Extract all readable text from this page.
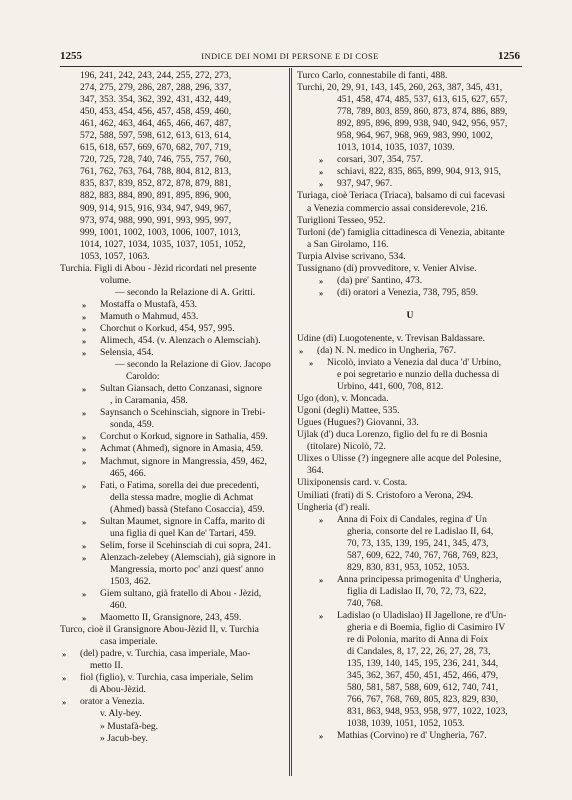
1255	INDICE DEI NOMI DI PERSONE E DI COSE	1256
196, 241, 242, 243, 244, 255, 272, 273,
274, 275, 279, 286, 287, 288, 296, 337,
347, 353. 354, 362, 392, 431, 432, 449,
450, 453, 454, 456, 457, 458, 459, 460,
461, 462, 463, 464, 465, 466, 467, 487,
572, 588, 597, 598, 612, 613, 613, 614,
615, 618, 657, 669, 670, 682, 707, 719,
720, 725, 728, 740, 746, 755, 757, 760,
761, 762, 763, 764, 788, 804, 812, 813,
835, 837, 839, 852, 872, 878, 879, 881,
882, 883, 884, 890, 891, 895, 896, 900,
909, 914, 915, 916, 934, 947, 949, 967,
973, 974, 988, 990, 991, 993, 995, 997,
999, 1001, 1002, 1003, 1006, 1007, 1013,
1014, 1027, 1034, 1035, 1037, 1051, 1052,
1053, 1057, 1063.
Turchia. Figli di Abou - Jèzid ricordati nel presente
volume.
— secondo la Relazione di A. Gritti.
» Mostaffa o Mustafà, 453.
» Mamuth o Mahmud, 453.
» Chorchut o Korkud, 454, 957, 995.
» Alimech, 454. (v. Alenzach o Alemsciah).
» Selensia, 454.
— secondo la Relazione di Giov. Jacopo
Caroldo:
» Sultan Giansach, detto Conzanasi, signore
, in Caramania, 458.
» Saynsanch o Scehinsciah, signore in Trebi-
sonda, 459.
» Corchut o Korkud, signore in Sathalia, 459.
» Achmat (Ahmed), signore in Amasia, 459.
» Machmut, signore in Mangressia, 459, 462,
465, 466.
» Fati, o Fatima, sorella dei due precedenti,
della stessa madre, moglie di Achmat
(Ahmed) bassà (Stefano Cosaccia), 459.
» Sultan Maumet, signore in Caffa, marito di
una figlia di quel Kan de' Tartari, 459.
» Selim, forse il Scehinsciah di cui sopra, 241.
» Alenzach-zelebey (Alemsciah), già signore in
Mangressia, morto poc' anzi quest' anno
1503, 462.
» Giem sultano, già fratello di Abou - Jèzid,
460.
» Maometto II, Gransignore, 243, 459.
Turco, cioè il Gransignore Abou-Jèzid II, v. Turchia
casa imperiale.
» (del) padre, v. Turchia, casa imperiale, Mao-
metto II.
» fiol (figlio), v. Turchia, casa imperiale, Selim
di Abou-Jèzid.
» orator a Venezia.
v. Aly-bey.
» Mustafà-beg.
» Jacub-bey.
Turco Carlo, connestabile di fanti, 488.
Turchi, 20, 29, 91, 143, 145, 260, 263, 387, 345, 431,
451, 458, 474, 485, 537, 613, 615, 627, 657,
778, 789, 803, 859, 860, 873, 874, 886, 889,
892, 895, 896, 899, 938, 940, 942, 956, 957,
958, 964, 967, 968, 969, 983, 990, 1002,
1013, 1014, 1035, 1037, 1039.
» corsari, 307, 354, 757.
» schiavi, 822, 835, 865, 899, 904, 913, 915,
» 937, 947, 967.
Turiaga, cioè Teriaca (Triaca), balsamo di cui facevasi
a Venezia commercio assai considerevole, 216.
Turiglioni Tesseo, 952.
Turloni (de') famiglia cittadinesca di Venezia, abitante
a San Girolamo, 116.
Turpia Alvise scrivano, 534.
Tussignano (di) provveditore, v. Venier Alvise.
» (da) pre' Santino, 473.
» (di) oratori a Venezia, 738, 795, 859.
U
Udine (di) Luogotenente, v. Trevisan Baldassare.
» (da) N. N. medico in Ungheria, 767.
» Nicolò, inviato a Venezia dal duca 'd' Urbino,
e poi segretario e nunzio della duchessa di
Urbino, 441, 600, 708, 812.
Ugo (don), v. Moncada.
Ugoni (degli) Mattee, 535.
Ugues (Hugues?) Giovanni, 33.
Ujlak (d') duca Lorenzo, figlio del fu re di Bosnia
(titolare) Nicolò, 72.
Ulixes o Ulisse (?) ingegnere alle acque del Polesine,
364.
Ulixiponensis card. v. Costa.
Umiliati (frati) di S. Cristoforo a Verona, 294.
Ungheria (d') reali.
» Anna di Foix di Candales, regina d' Un
gheria, consorte del re Ladislao II, 64,
70, 73, 135, 139, 195, 241, 345, 473,
587, 609, 622, 740, 767, 768, 769, 823,
829, 830, 831, 953, 1052, 1053.
» Anna principessa primogenita d' Ungheria,
figlia di Ladislao II, 70, 72, 73, 622,
740, 768.
» Ladislao (o Uladislao) II Jagellone, re d'Un-
gheria e di Boemia, figlio di Casimiro IV
re di Polonia, marito di Anna di Foix
di Candales, 8, 17, 22, 26, 27, 28, 73,
135, 139, 140, 145, 195, 236, 241, 344,
345, 362, 367, 450, 451, 452, 466, 479,
580, 581, 587, 588, 609, 612, 740, 741,
766, 767, 768, 769, 805, 823, 829, 830,
831, 863, 948, 953, 958, 977, 1022, 1023,
1038, 1039, 1051, 1052, 1053.
» Mathias (Corvino) re d' Ungheria, 767.
